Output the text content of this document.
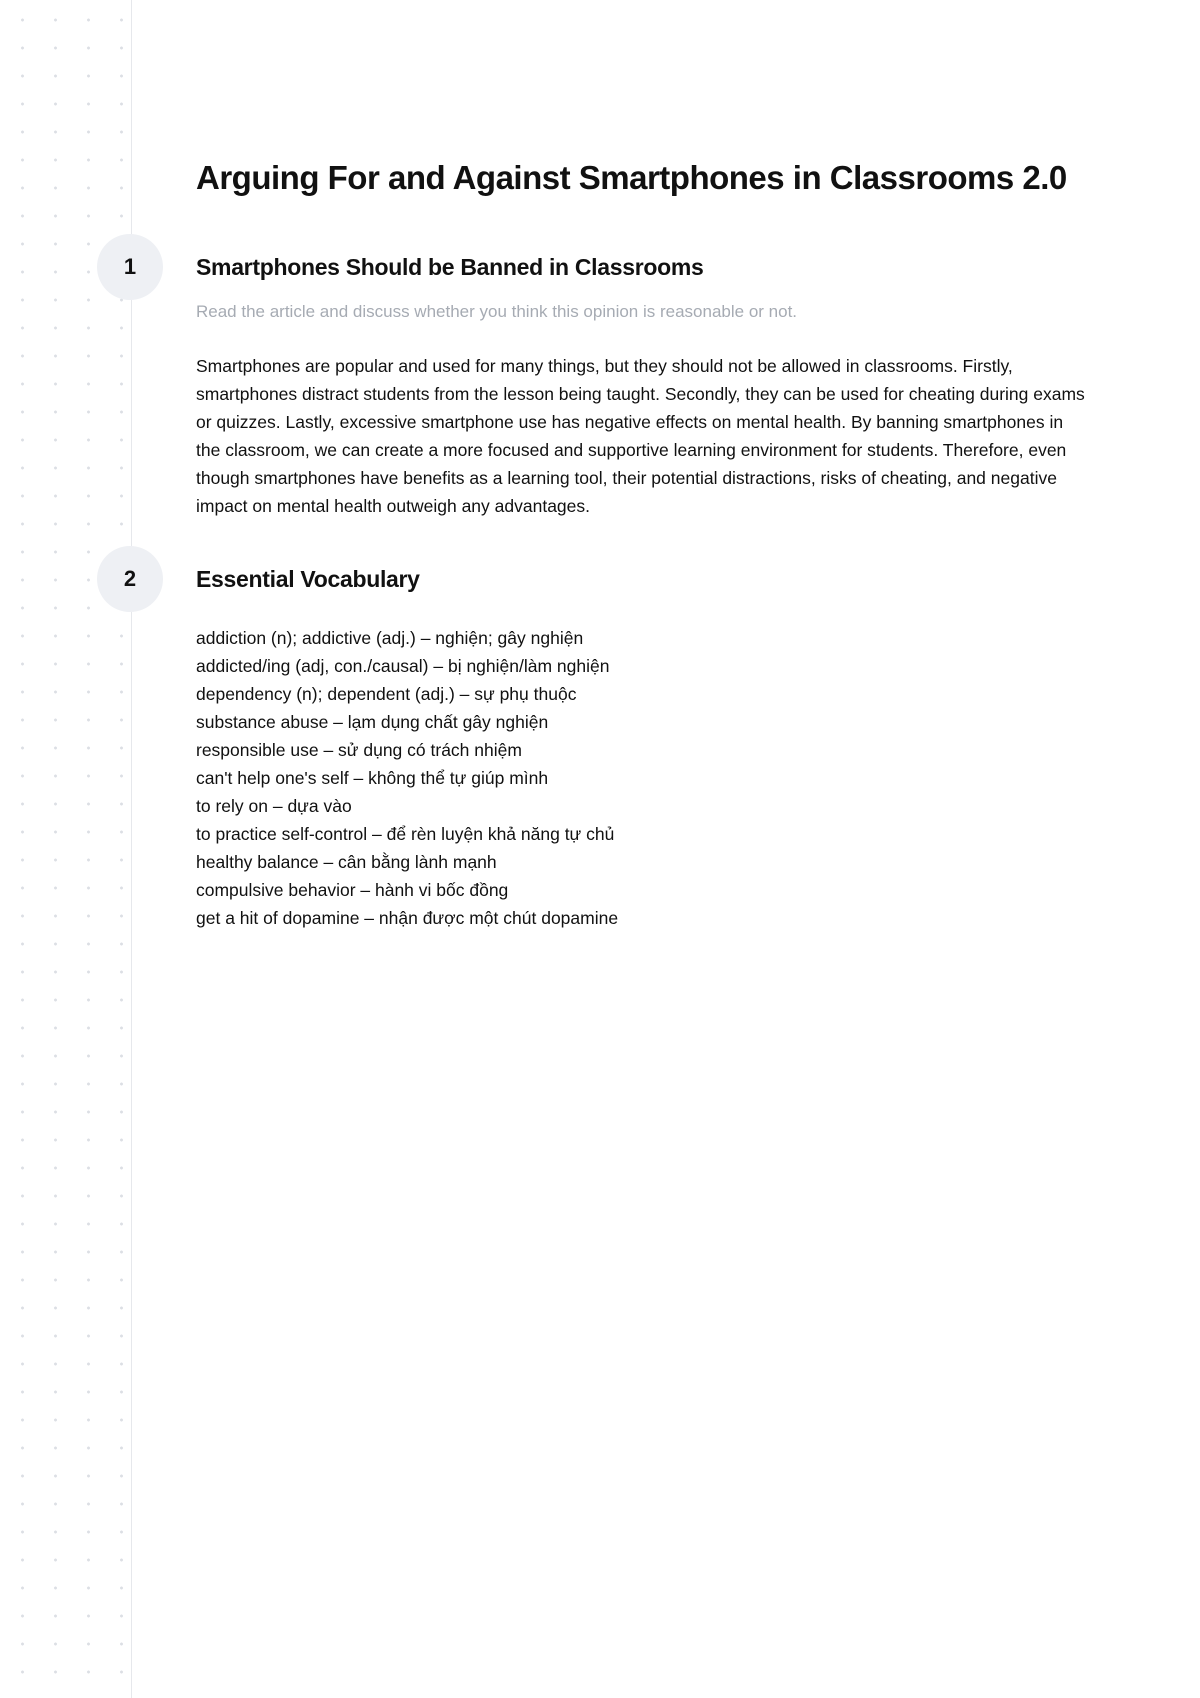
Arguing For and Against Smartphones in Classrooms 2.0
1	Smartphones Should be Banned in Classrooms

Read the article and discuss whether you think this opinion is reasonable or not.

Smartphones are popular and used for many things, but they should not be allowed in classrooms. Firstly, smartphones distract students from the lesson being taught. Secondly, they can be used for cheating during exams or quizzes. Lastly, excessive smartphone use has negative effects on mental health. By banning smartphones in the classroom, we can create a more focused and supportive learning environment for students. Therefore, even though smartphones have benefits as a learning tool, their potential distractions, risks of cheating, and negative impact on mental health outweigh any advantages.

2	Essential Vocabulary
addiction (n); addictive (adj.) – nghiện; gây nghiện
addicted/ing (adj, con./causal) – bị nghiện/làm nghiện
dependency (n); dependent (adj.) – sự phụ thuộc
substance abuse – lạm dụng chất gây nghiện
responsible use – sử dụng có trách nhiệm
can't help one's self – không thể tự giúp mình
to rely on – dựa vào
to practice self-control – để rèn luyện khả năng tự chủ
healthy balance – cân bằng lành mạnh
compulsive behavior – hành vi bốc đồng
get a hit of dopamine – nhận được một chút dopamine
